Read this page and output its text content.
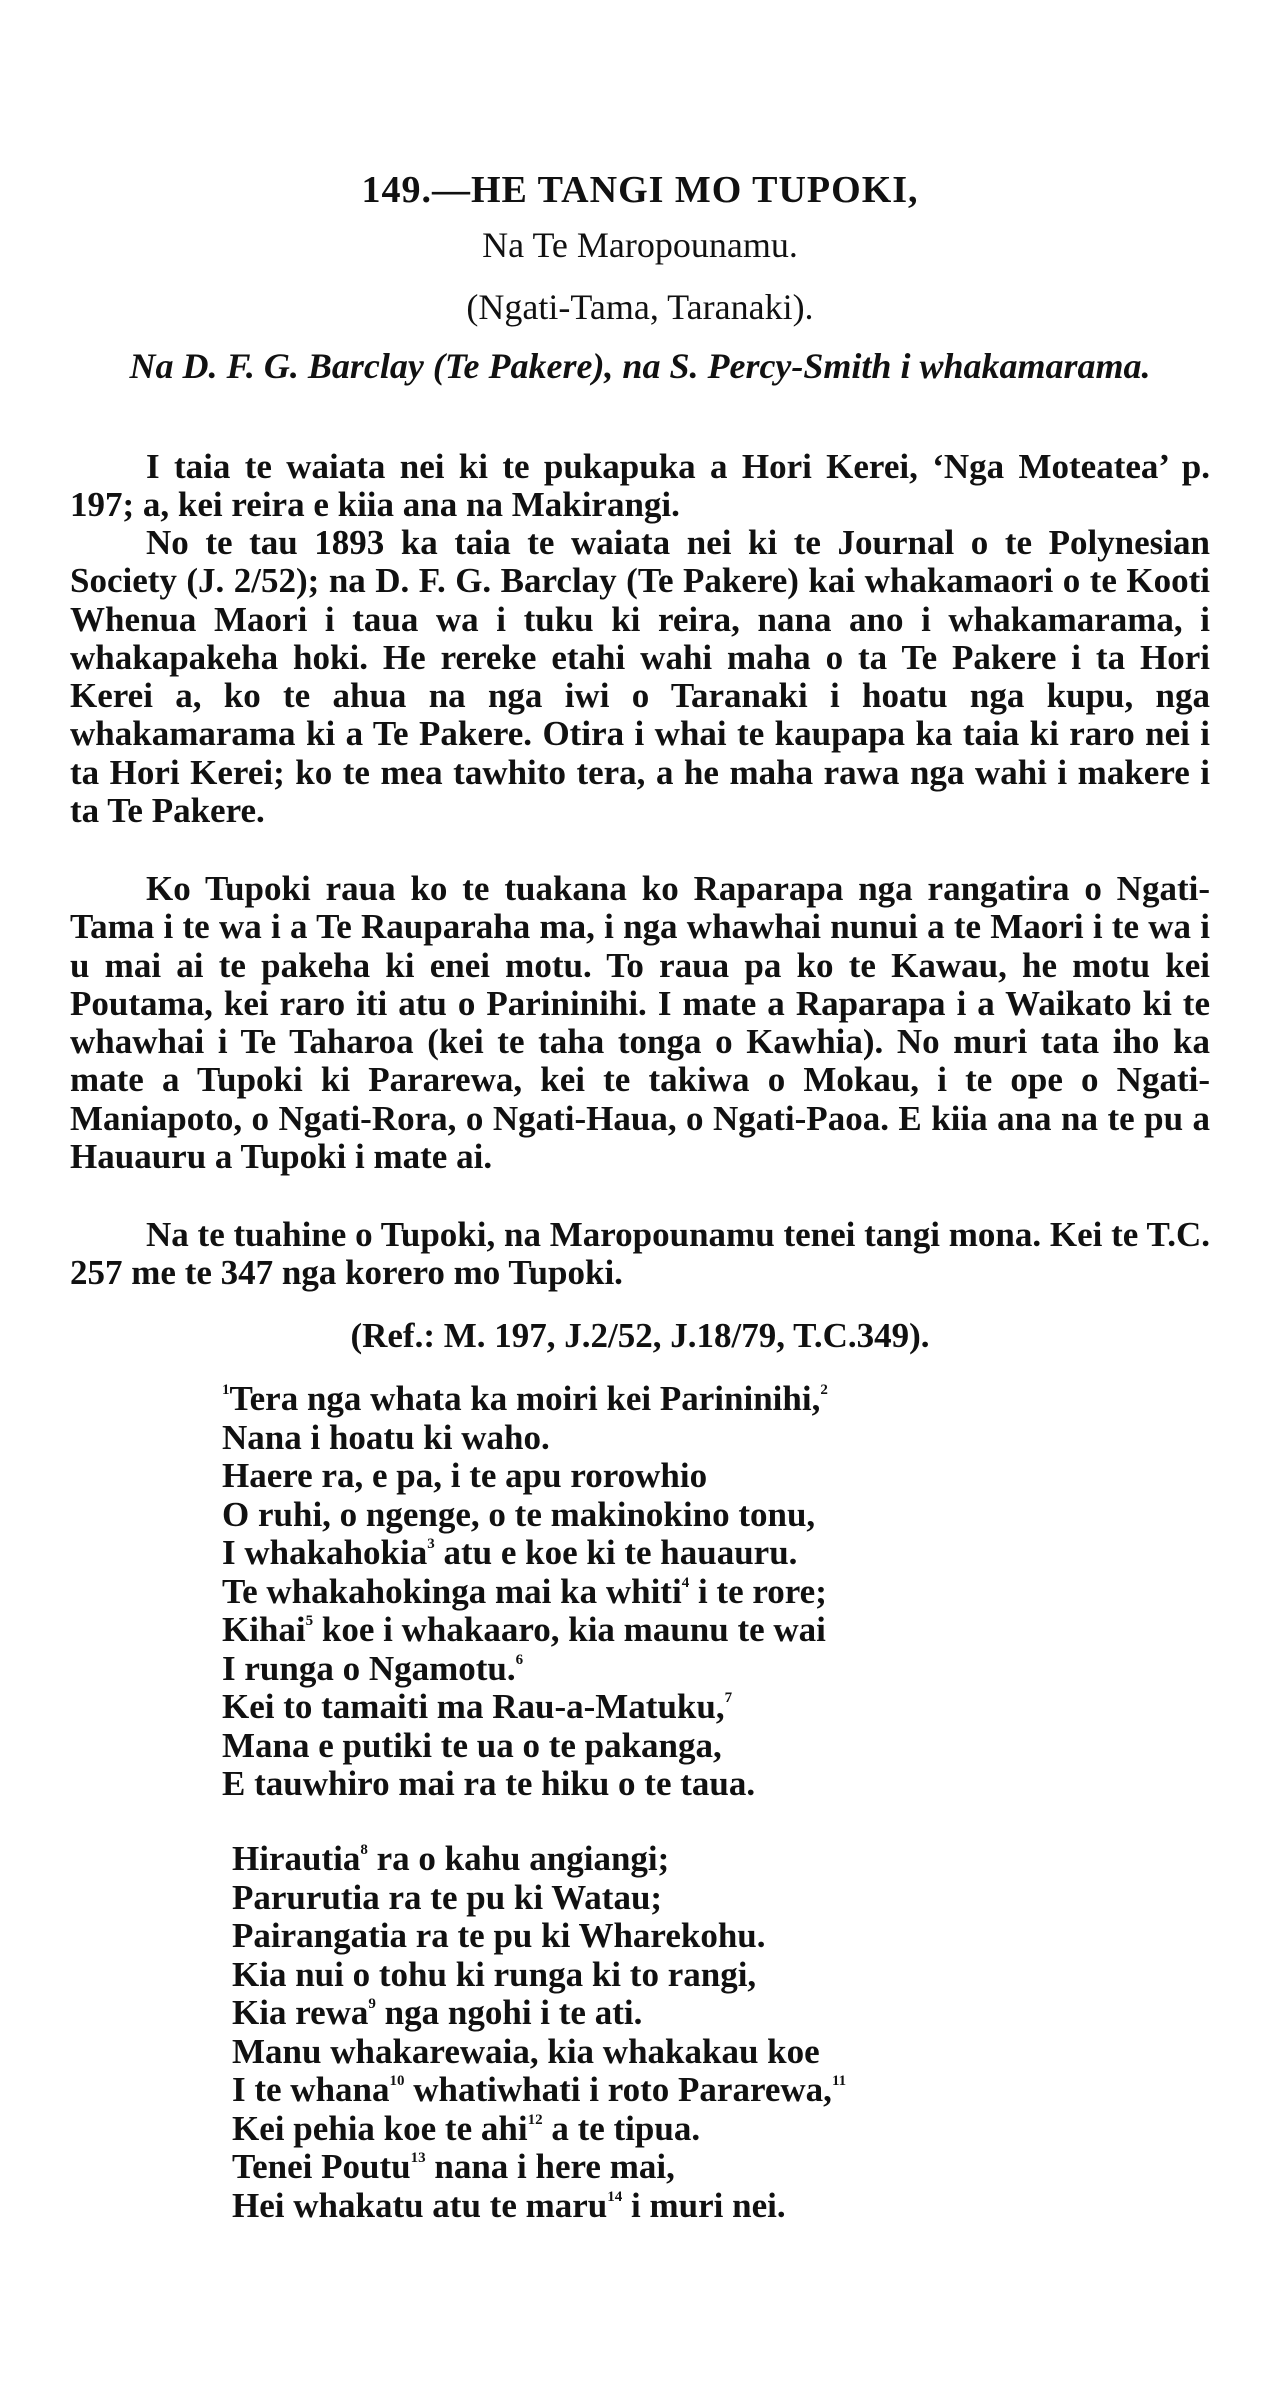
149.—HE TANGI MO TUPOKI,
Na Te Maropounamu.
(Ngati-Tama, Taranaki).
Na D. F. G. Barclay (Te Pakere), na S. Percy-Smith i whakamarama.

I taia te waiata nei ki te pukapuka a Hori Kerei, ‘Nga Moteatea’ p. 197; a, kei reira e kiia ana na Makirangi.

No te tau 1893 ka taia te waiata nei ki te Journal o te Polynesian Society (J. 2/52); na D. F. G. Barclay (Te Pakere) kai whakamaori o te Kooti Whenua Maori i taua wa i tuku ki reira, nana ano i whakamarama, i whakapakeha hoki. He rereke etahi wahi maha o ta Te Pakere i ta Hori Kerei a, ko te ahua na nga iwi o Taranaki i hoatu nga kupu, nga whakamarama ki a Te Pakere. Otira i whai te kaupapa ka taia ki raro nei i ta Hori Kerei; ko te mea tawhito tera, a he maha rawa nga wahi i makere i ta Te Pakere.

Ko Tupoki raua ko te tuakana ko Raparapa nga rangatira o Ngati-Tama i te wa i a Te Rauparaha ma, i nga whawhai nunui a te Maori i te wa i u mai ai te pakeha ki enei motu. To raua pa ko te Kawau, he motu kei Poutama, kei raro iti atu o Parininihi. I mate a Raparapa i a Waikato ki te whawhai i Te Taharoa (kei te taha tonga o Kawhia). No muri tata iho ka mate a Tupoki ki Pararewa, kei te takiwa o Mokau, i te ope o Ngati-Maniapoto, o Ngati-Rora, o Ngati-Haua, o Ngati-Paoa. E kiia ana na te pu a Hauauru a Tupoki i mate ai.

Na te tuahine o Tupoki, na Maropounamu tenei tangi mona. Kei te T.C. 257 me te 347 nga korero mo Tupoki.

(Ref.: M. 197, J.2/52, J.18/79, T.C.349).
$^1$Tera nga whata ka moiri kei Parininihi,$^2$
Nana i hoatu ki waho.
Haere ra, e pa, i te apu rorowhio
O ruhi, o ngenge, o te makinokino tonu,
I whakahokia$^3$ atu e koe ki te hauauru.
Te whakahokinga mai ka whiti$^4$ i te rore;
Kihai$^5$ koe i whakaaro, kia maunu te wai
I runga o Ngamotu.$^6$
Kei to tamaiti ma Rau-a-Matuku,$^7$
Mana e putiki te ua o te pakanga,
E tauwhiro mai ra te hiku o te taua.
Hirautia$^8$ ra o kahu angiangi;
Parurutia ra te pu ki Watau;
Pairangatia ra te pu ki Wharekohu.
Kia nui o tohu ki runga ki to rangi,
Kia rewa$^9$ nga ngohi i te ati.
Manu whakarewaia, kia whakakau koe
I te whana$^{10}$ whatiwhati i roto Pararewa,$^{11}$
Kei pehia koe te ahi$^{12}$ a te tipua.
Tenei Poutu$^{13}$ nana i here mai,
Hei whakatu atu te maru$^{14}$ i muri nei.
